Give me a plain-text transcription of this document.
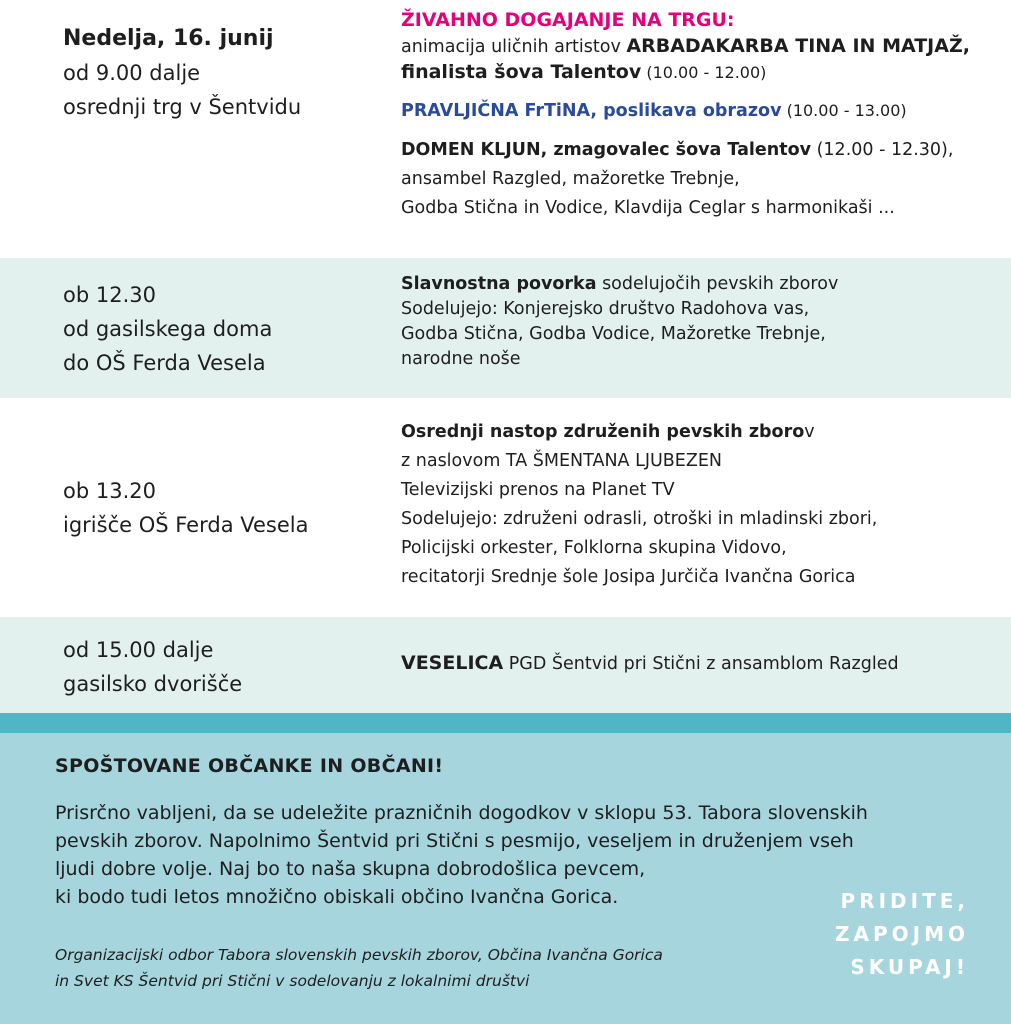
Nedelja, 16. junij
od 9.00 dalje
osrednji trg v Šentvidu

ŽIVAHNO DOGAJANJE NA TRGU:

animacija uličnih artistov ARBADAKARBA TINA IN MATJAŽ, finalista šova Talentov (10.00 - 12.00)

PRAVLJIČNA FrTiNA, poslikava obrazov (10.00 - 13.00)

DOMEN KLJUN, zmagovalec šova Talentov (12.00 - 12.30), ansambel Razgled, mažoretke Trebnje,
Godba Stična in Vodice, Klavdija Ceglar s harmonikaši ...

ob 12.30
od gasilskega doma
do OŠ Ferda Vesela

Slavnostna povorka sodelujočih pevskih zborov

Sodelujejo: Konjerejsko društvo Radohova vas,

Godba Stična, Godba Vodice, Mažoretke Trebnje,

narodne noše

ob 13.20
igrišče OŠ Ferda Vesela

Osrednji nastop združenih pevskih zborov

z naslovom TA ŠMENTANA LJUBEZEN

Televizijski prenos na Planet TV

Sodelujejo: združeni odrasli, otroški in mladinski zbori,

Policijski orkester, Folklorna skupina Vidovo,

recitatorji Srednje šole Josipa Jurčiča Ivančna Gorica

od 15.00 dalje
gasilsko dvorišče

VESELICA PGD Šentvid pri Stični z ansamblom Razgled

SPOŠTOVANE OBČANKE IN OBČANI!

Prisrčno vabljeni, da se udeležite prazničnih dogodkov v sklopu 53. Tabora slovenskih

pevskih zborov. Napolnimo Šentvid pri Stični s pesmijo, veseljem in druženjem vseh

ljudi dobre volje. Naj bo to naša skupna dobrodošlica pevcem,

ki bodo tudi letos množično obiskali občino Ivančna Gorica.

Organizacijski odbor Tabora slovenskih pevskih zborov, Občina Ivančna Gorica

in Svet KS Šentvid pri Stični v sodelovanju z lokalnimi društvi

PRIDITE,
ZAPOJMO
SKUPAJ!
